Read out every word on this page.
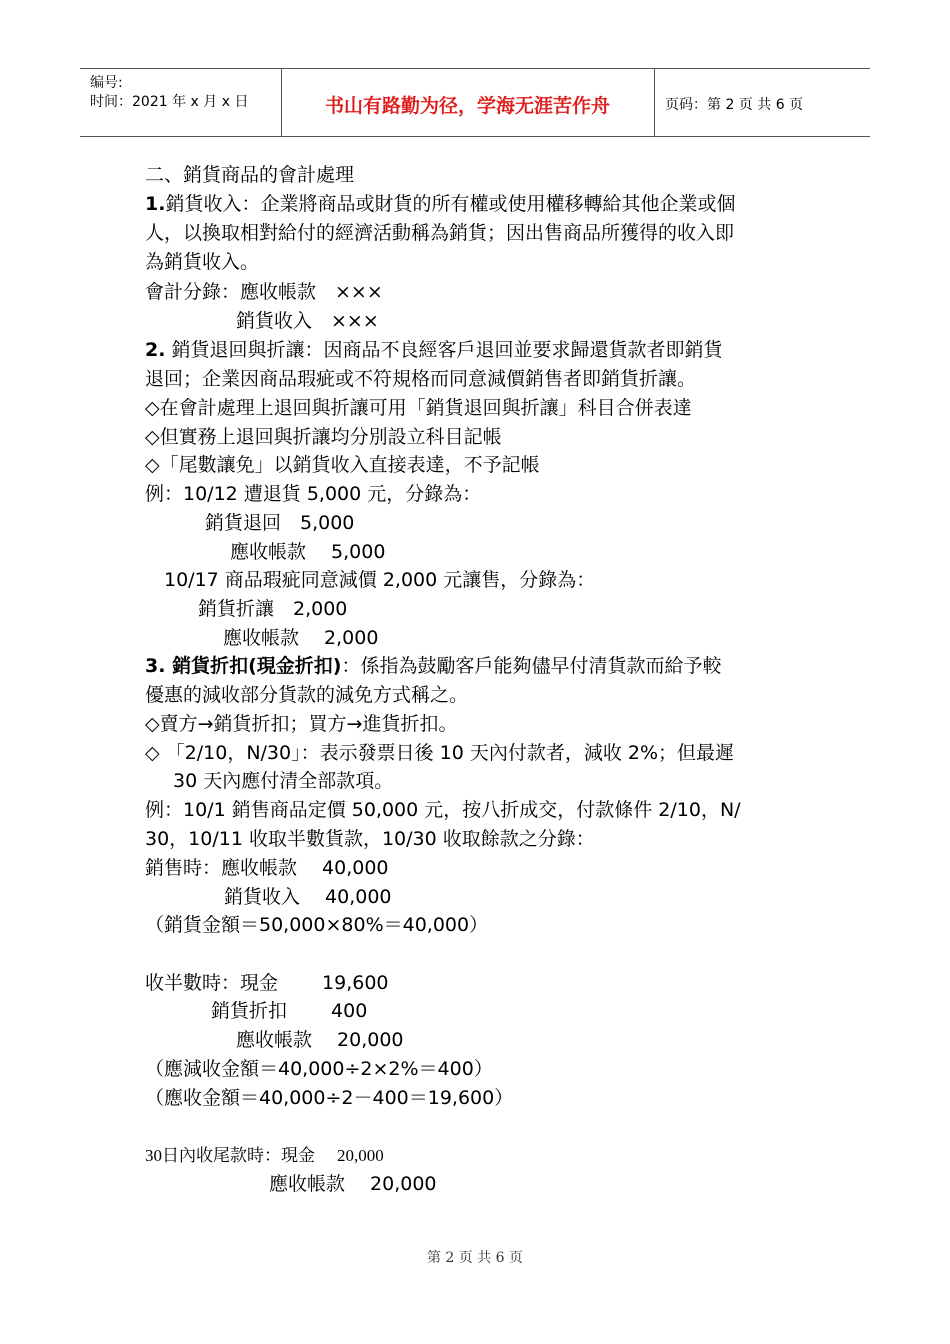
编号:
时间：2021 年 x 月 x 日	书山有路勤为径，学海无涯苦作舟	页码：第 2 页 共 6 页
二、銷貨商品的會計處理
1.銷貨收入：企業將商品或財貨的所有權或使用權移轉給其他企業或個
人，以換取相對給付的經濟活動稱為銷貨；因出售商品所獲得的收入即
為銷貨收入。
會計分錄：應收帳款　×××
銷貨收入　×××
2. 銷貨退回與折讓：因商品不良經客戶退回並要求歸還貨款者即銷貨
退回；企業因商品瑕疵或不符規格而同意減價銷售者即銷貨折讓。
◇在會計處理上退回與折讓可用「銷貨退回與折讓」科目合併表達
◇但實務上退回與折讓均分別設立科目記帳
◇「尾數讓免」以銷貨收入直接表達，不予記帳
例：10/12 遭退貨 5,000 元，分錄為：
銷貨退回　5,000
應收帳款　 5,000
10/17 商品瑕疵同意減價 2,000 元讓售，分錄為：
銷貨折讓　2,000
應收帳款　 2,000
3. 銷貨折扣(現金折扣)：係指為鼓勵客戶能夠儘早付清貨款而給予較
優惠的減收部分貨款的減免方式稱之。
◇賣方→銷貨折扣；買方→進貨折扣。
◇ 「2/10，N/30」：表示發票日後 10 天內付款者，減收 2%；但最遲
30 天內應付清全部款項。
例：10/1 銷售商品定價 50,000 元，按八折成交，付款條件 2/10，N/
30，10/11 收取半數貨款，10/30 收取餘款之分錄：
銷售時：應收帳款　 40,000
銷貨收入　 40,000
（銷貨金額＝50,000×80%＝40,000）
收半數時：現金　　 19,600
銷貨折扣　　 400
應收帳款　 20,000
（應減收金額＝40,000÷2×2%＝400）
（應收金額＝40,000÷2－400＝19,600）
30日內收尾款時：現金 20,000
應收帳款　 20,000
第 2 页 共 6 页
